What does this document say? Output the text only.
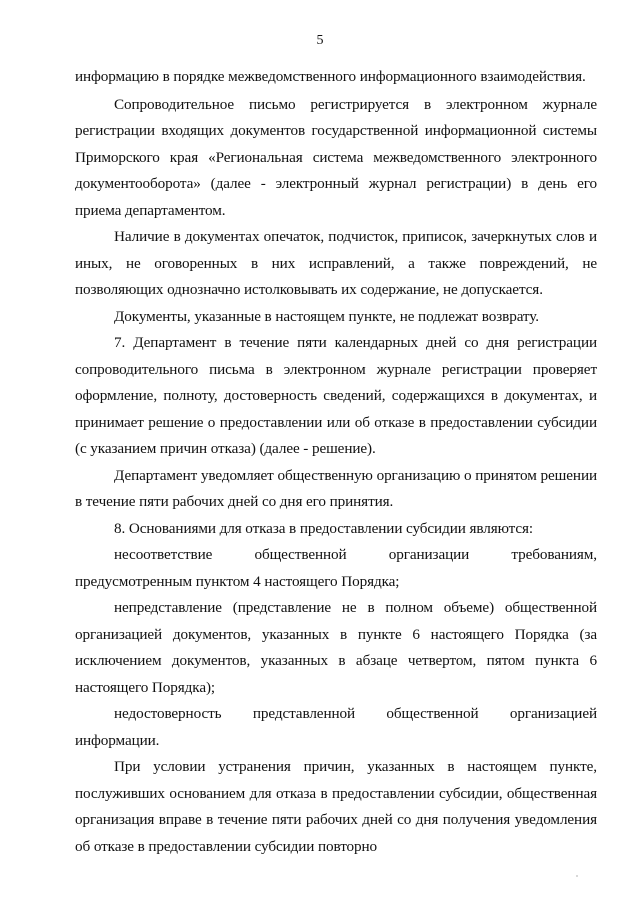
5

информацию в порядке межведомственного информационного взаимодействия.

Сопроводительное письмо регистрируется в электронном журнале регистрации входящих документов государственной информационной системы Приморского края «Региональная система межведомственного электронного документооборота» (далее - электронный журнал регистрации) в день его приема департаментом.

Наличие в документах опечаток, подчисток, приписок, зачеркнутых слов и иных, не оговоренных в них исправлений, а также повреждений, не позволяющих однозначно истолковывать их содержание, не допускается.

Документы, указанные в настоящем пункте, не подлежат возврату.

7. Департамент в течение пяти календарных дней со дня регистрации сопроводительного письма в электронном журнале регистрации проверяет оформление, полноту, достоверность сведений, содержащихся в документах, и принимает решение о предоставлении или об отказе в предоставлении субсидии (с указанием причин отказа) (далее - решение).

Департамент уведомляет общественную организацию о принятом решении в течение пяти рабочих дней со дня его принятия.

8. Основаниями для отказа в предоставлении субсидии являются:

несоответствие общественной организации требованиям, предусмотренным пунктом 4 настоящего Порядка;

непредставление (представление не в полном объеме) общественной организацией документов, указанных в пункте 6 настоящего Порядка (за исключением документов, указанных в абзаце четвертом, пятом пункта 6 настоящего Порядка);

недостоверность представленной общественной организацией информации.

При условии устранения причин, указанных в настоящем пункте, послуживших основанием для отказа в предоставлении субсидии, общественная организация вправе в течение пяти рабочих дней со дня получения уведомления об отказе в предоставлении субсидии повторно
